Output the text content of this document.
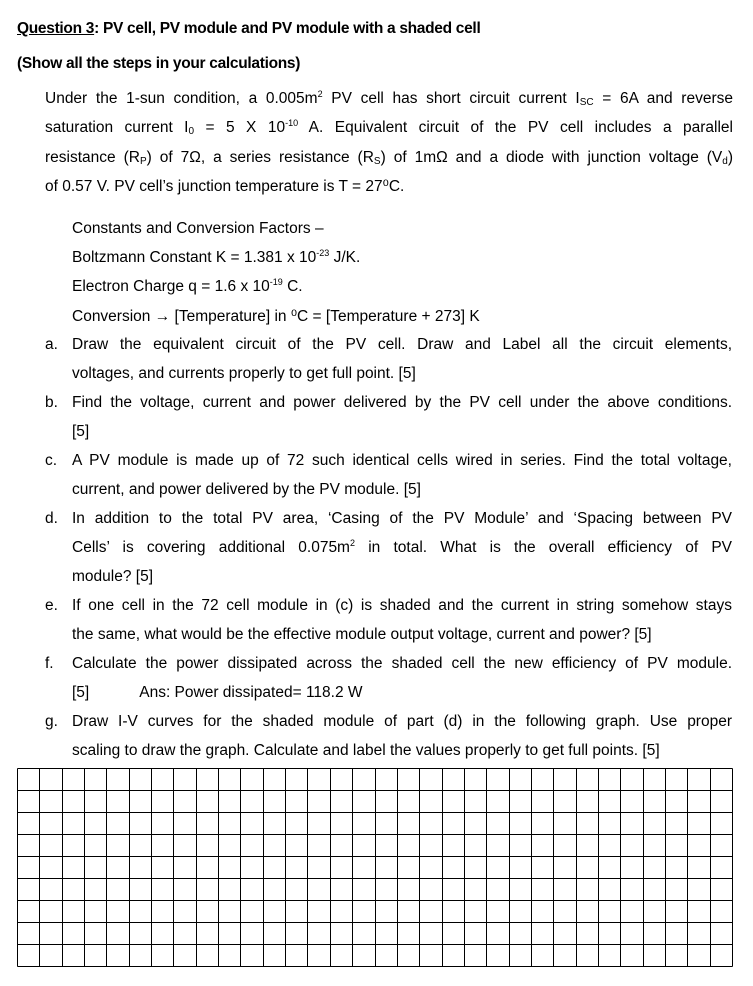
Question 3: PV cell, PV module and PV module with a shaded cell
(Show all the steps in your calculations)
Under the 1-sun condition, a $0.005m^2$ PV cell has short circuit current $I_{SC} = 6A$ and reverse
saturation current $I_0 = 5$ X $10^{-10}$ A. Equivalent circuit of the PV cell includes a parallel
resistance $(R_P)$ of 7Ω, a series resistance $(R_S)$ of 1mΩ and a diode with junction voltage $(V_d)$
of 0.57 V. PV cell’s junction temperature is T = 27⁰C.
Constants and Conversion Factors –
Boltzmann Constant K = 1.381 x $10^{-23}$ J/K.
Electron Charge q = 1.6 x $10^{-19}$ C.
Conversion → [Temperature] in ⁰C = [Temperature + 273] K
a. Draw the equivalent circuit of the PV cell. Draw and Label all the circuit elements,
voltages, and currents properly to get full point. [5]
b. Find the voltage, current and power delivered by the PV cell under the above conditions.
[5]
c. A PV module is made up of 72 such identical cells wired in series. Find the total voltage,
current, and power delivered by the PV module. [5]
d. In addition to the total PV area, ‘Casing of the PV Module’ and ‘Spacing between PV
Cells’ is covering additional $0.075m^2$ in total. What is the overall efficiency of PV
module? [5]
e. If one cell in the 72 cell module in (c) is shaded and the current in string somehow stays
the same, what would be the effective module output voltage, current and power? [5]
f.	Calculate the power dissipated across the shaded cell the new efficiency of PV module.
[5]	Ans: Power dissipated= 118.2 W
g. Draw I-V curves for the shaded module of part (d) in the following graph. Use proper
scaling to draw the graph. Calculate and label the values properly to get full points. [5]
